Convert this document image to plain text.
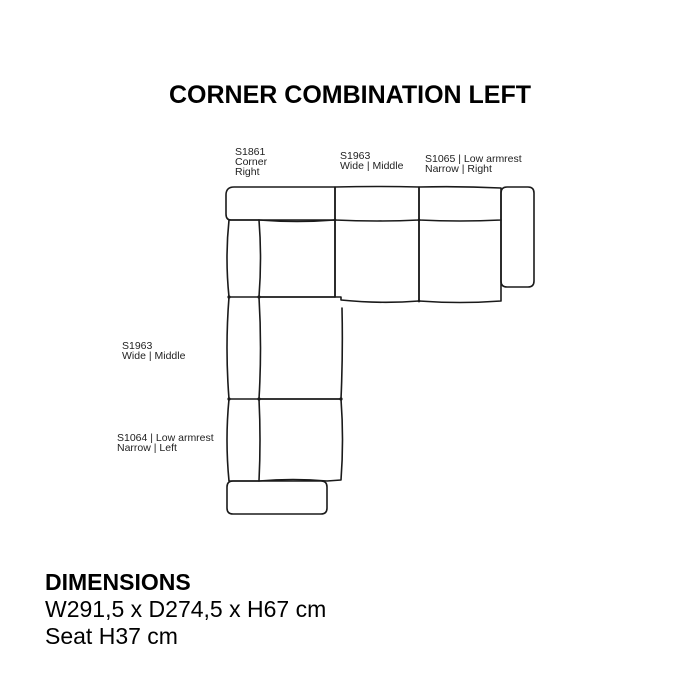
CORNER COMBINATION LEFT
S1861
Corner
Right
S1963
Wide | Middle
S1065 | Low armrest
Narrow | Right
S1963
Wide | Middle
S1064 | Low armrest
Narrow | Left
DIMENSIONS
W291,5 x D274,5 x H67 cm
Seat H37 cm
